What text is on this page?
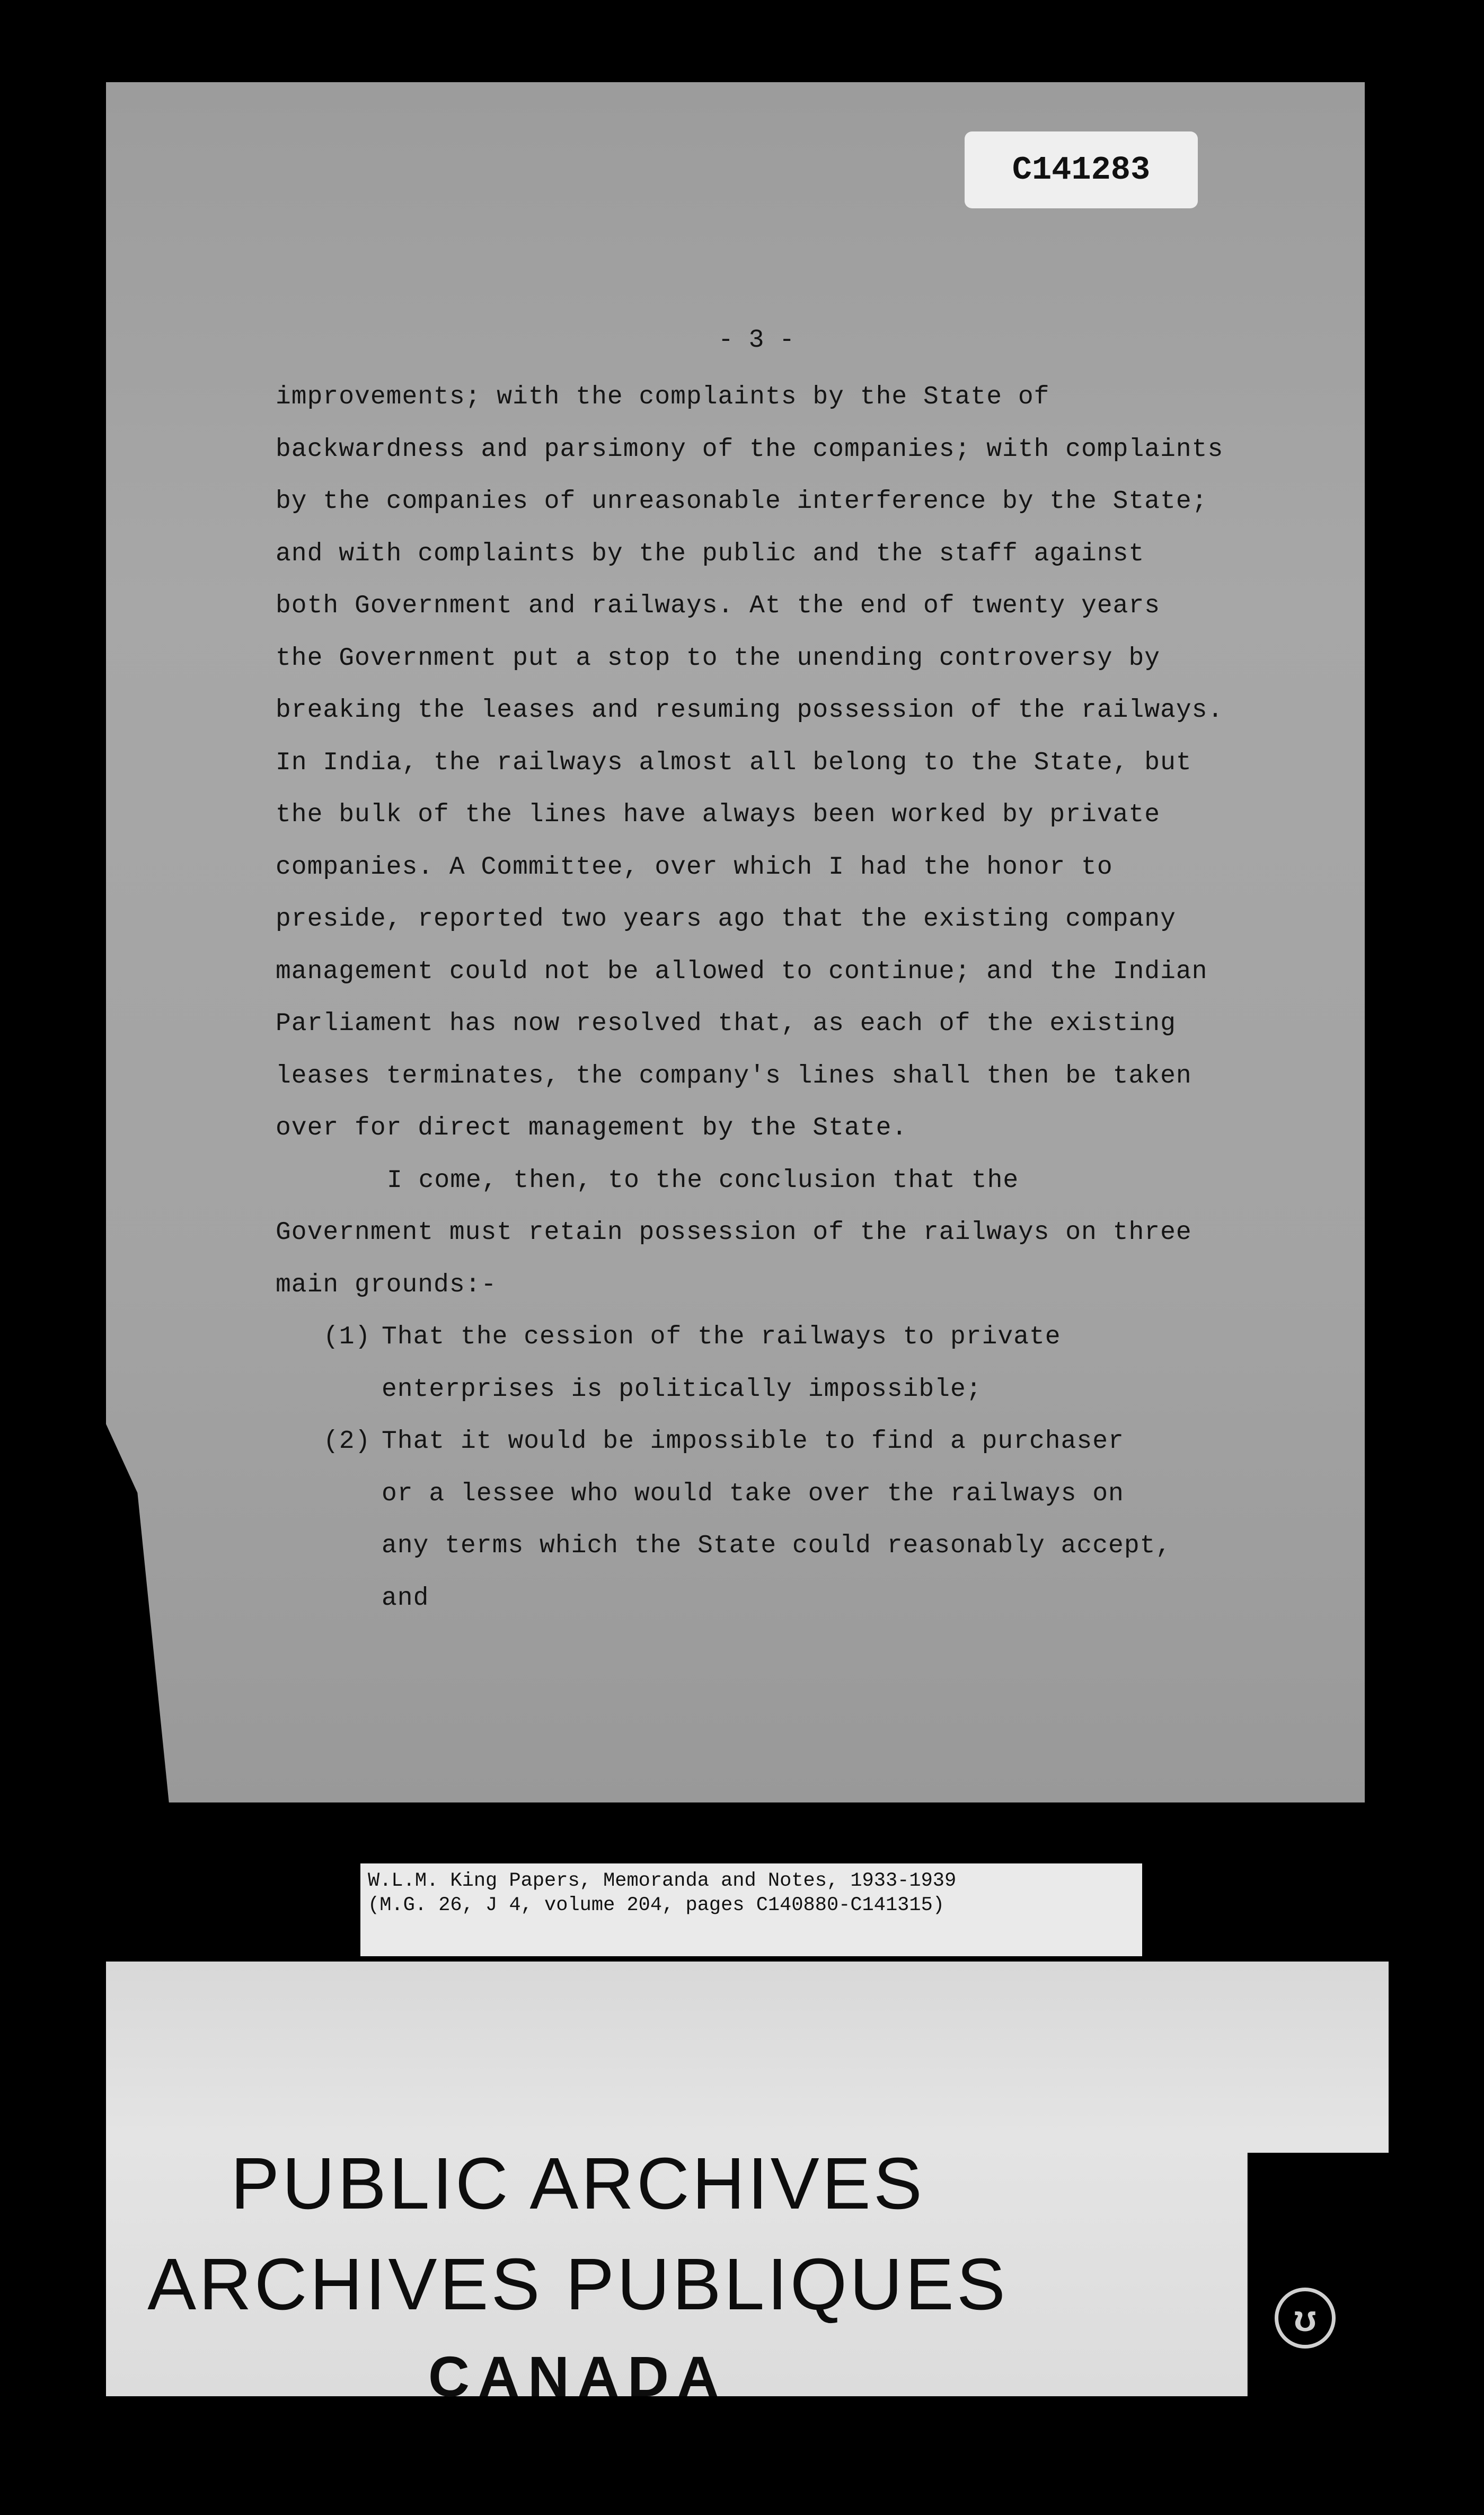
C141283
- 3 -
improvements; with the complaints by the State of
backwardness and parsimony of the companies; with complaints
by the companies of unreasonable interference by the State;
and with complaints by the public and the staff against
both Government and railways. At the end of twenty years
the Government put a stop to the unending controversy by
breaking the leases and resuming possession of the railways.
In India, the railways almost all belong to the State, but
the bulk of the lines have always been worked by private
companies. A Committee, over which I had the honor to
preside, reported two years ago that the existing company
management could not be allowed to continue; and the Indian
Parliament has now resolved that, as each of the existing
leases terminates, the company's lines shall then be taken
over for direct management by the State.
I come, then, to the conclusion that the
Government must retain possession of the railways on three
main grounds:-
(1) That the cession of the railways to private
enterprises is politically impossible;
(2) That it would be impossible to find a purchaser
or a lessee who would take over the railways on
any terms which the State could reasonably accept,
and
W.L.M. King Papers, Memoranda and Notes, 1933-1939
(M.G. 26, J 4, volume 204, pages C140880-C141315)
PUBLIC ARCHIVES
ARCHIVES PUBLIQUES
CANADA
ʊ
